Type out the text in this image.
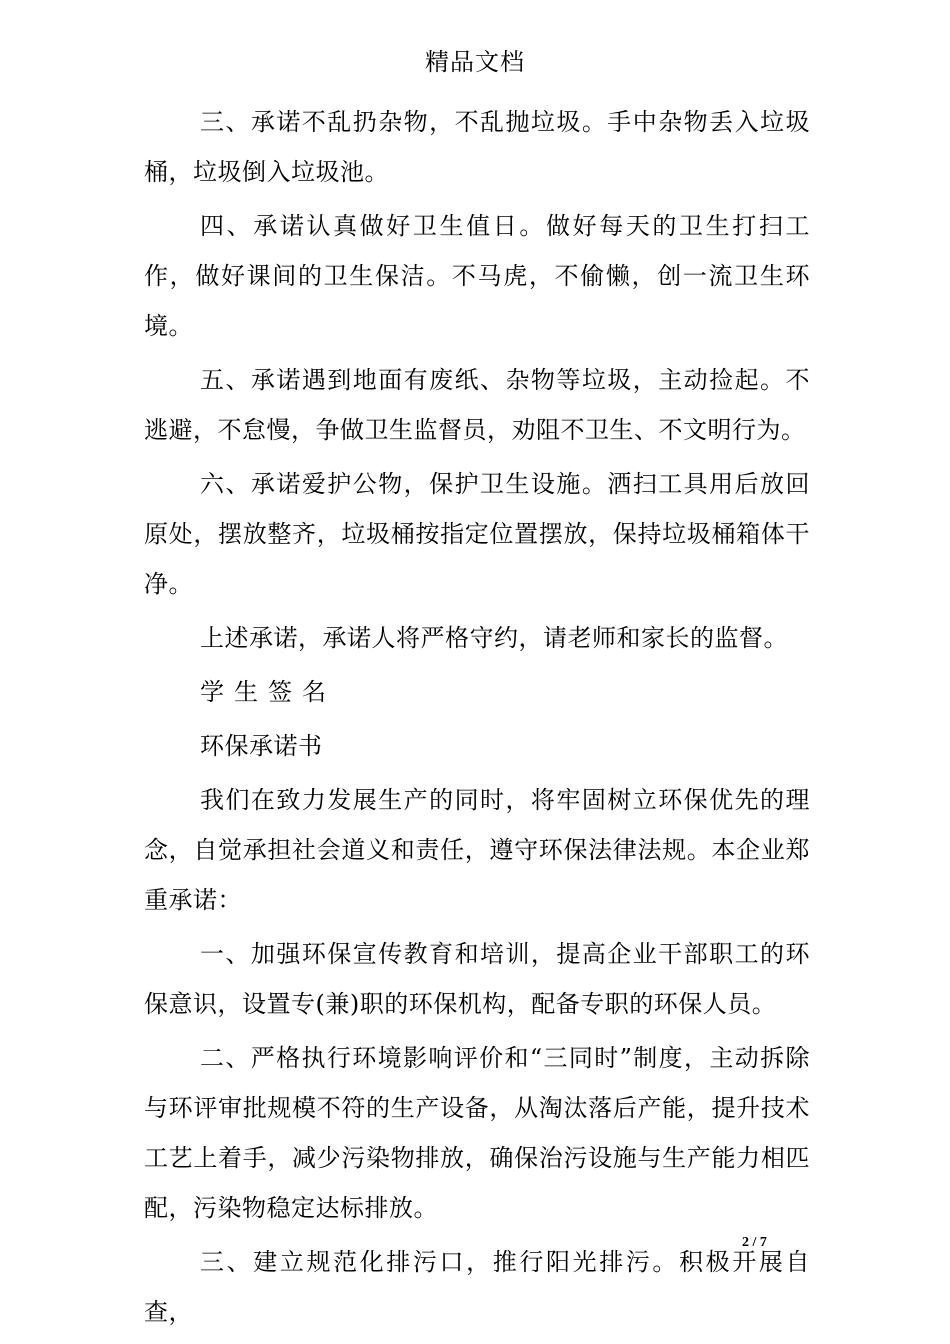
精品文档

三、承诺不乱扔杂物，不乱抛垃圾。手中杂物丢入垃圾桶，垃圾倒入垃圾池。

四、承诺认真做好卫生值日。做好每天的卫生打扫工作，做好课间的卫生保洁。不马虎，不偷懒，创一流卫生环境。

五、承诺遇到地面有废纸、杂物等垃圾，主动捡起。不逃避，不怠慢，争做卫生监督员，劝阻不卫生、不文明行为。

六、承诺爱护公物，保护卫生设施。洒扫工具用后放回原处，摆放整齐，垃圾桶按指定位置摆放，保持垃圾桶箱体干净。

上述承诺，承诺人将严格守约，请老师和家长的监督。

学生签名

环保承诺书

我们在致力发展生产的同时，将牢固树立环保优先的理念，自觉承担社会道义和责任，遵守环保法律法规。本企业郑重承诺：

一、加强环保宣传教育和培训，提高企业干部职工的环保意识，设置专(兼)职的环保机构，配备专职的环保人员。

二、严格执行环境影响评价和“三同时”制度，主动拆除与环评审批规模不符的生产设备，从淘汰落后产能，提升技术工艺上着手，减少污染物排放，确保治污设施与生产能力相匹配，污染物稳定达标排放。

三、建立规范化排污口，推行阳光排污。积极开展自查，

2 / 7
